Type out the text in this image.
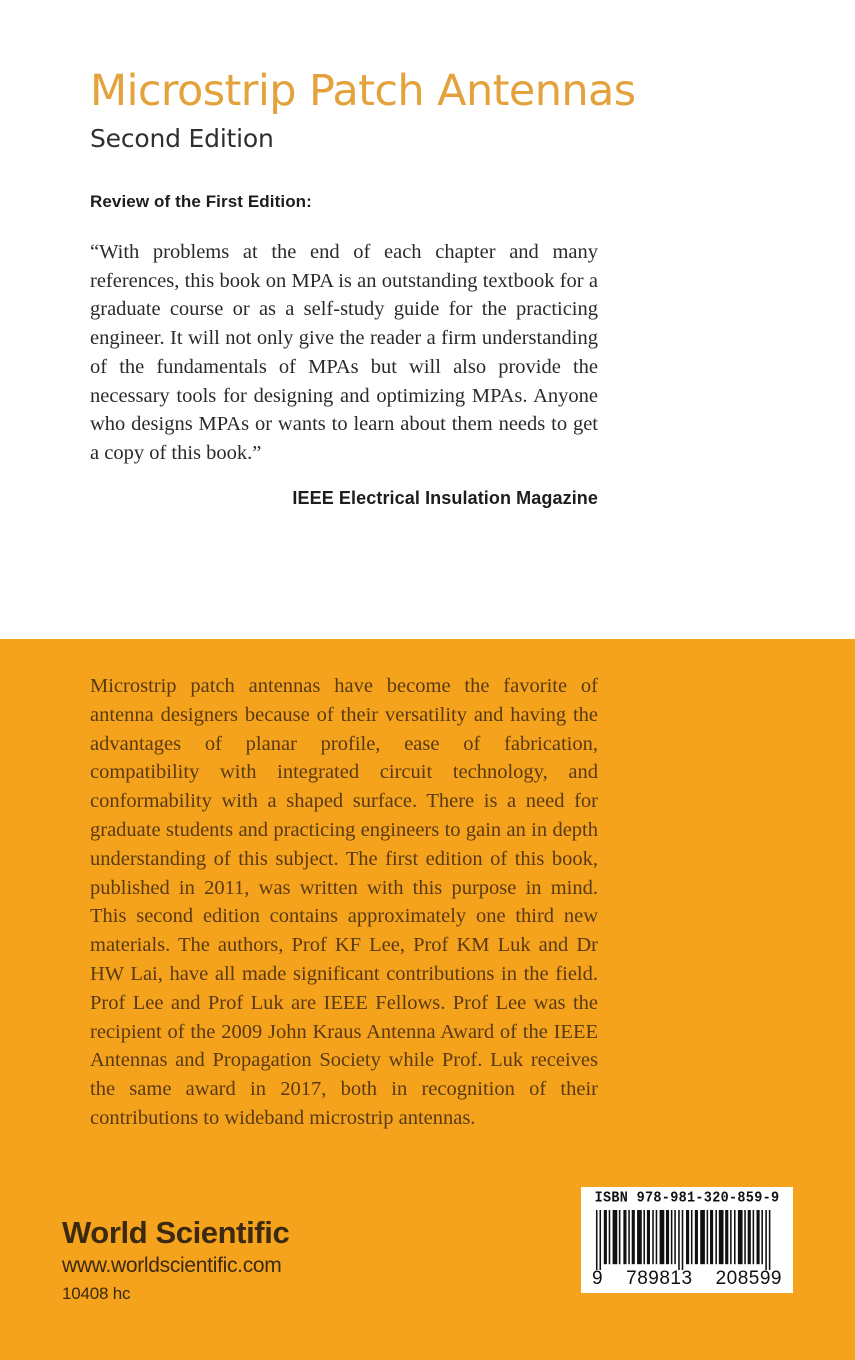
Microstrip Patch Antennas
Second Edition
Review of the First Edition:
“With problems at the end of each chapter and many references, this book on MPA is an outstanding textbook for a graduate course or as a self-study guide for the practicing engineer. It will not only give the reader a firm understanding of the fundamentals of MPAs but will also provide the necessary tools for designing and optimizing MPAs. Anyone who designs MPAs or wants to learn about them needs to get a copy of this book.”
IEEE Electrical Insulation Magazine
Microstrip patch antennas have become the favorite of antenna designers because of their versatility and having the advantages of planar profile, ease of fabrication, compatibility with integrated circuit technology, and conformability with a shaped surface. There is a need for graduate students and practicing engineers to gain an in depth understanding of this subject. The first edition of this book, published in 2011, was written with this purpose in mind. This second edition contains approximately one third new materials. The authors, Prof KF Lee, Prof KM Luk and Dr HW Lai, have all made significant contributions in the field. Prof Lee and Prof Luk are IEEE Fellows. Prof Lee was the recipient of the 2009 John Kraus Antenna Award of the IEEE Antennas and Propagation Society while Prof. Luk receives the same award in 2017, both in recognition of their contributions to wideband microstrip antennas.
World Scientific
www.worldscientific.com
10408 hc
ISBN 978-981-320-859-9
9 789813 208599
